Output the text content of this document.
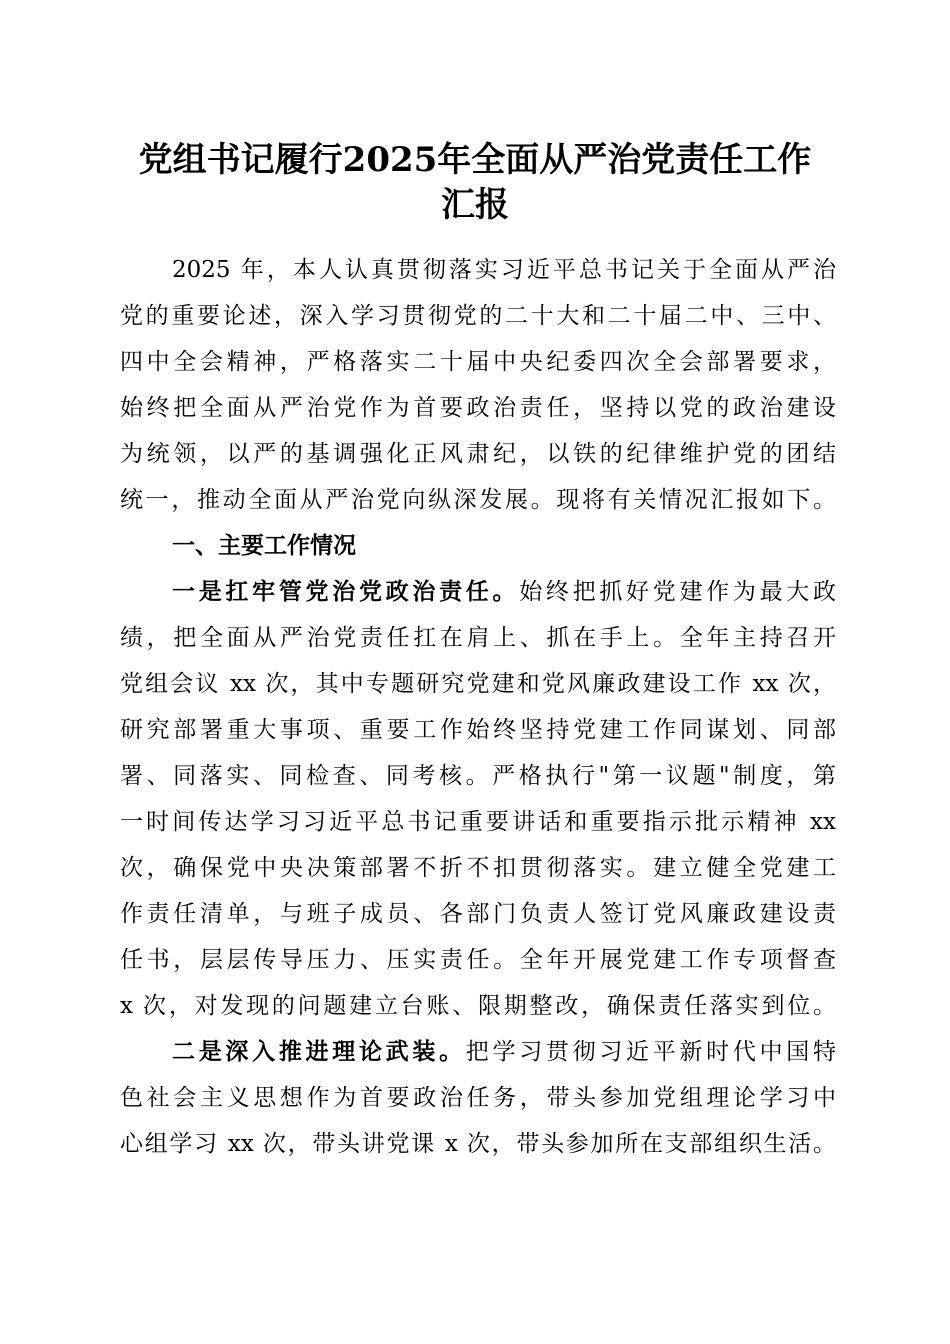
党组书记履行2025年全面从严治党责任工作
汇报
2025 年，本人认真贯彻落实习近平总书记关于全面从严治
党的重要论述，深入学习贯彻党的二十大和二十届二中、三中、
四中全会精神，严格落实二十届中央纪委四次全会部署要求，
始终把全面从严治党作为首要政治责任，坚持以党的政治建设
为统领，以严的基调强化正风肃纪，以铁的纪律维护党的团结
统一，推动全面从严治党向纵深发展。现将有关情况汇报如下。
一、主要工作情况
一是扛牢管党治党政治责任。始终把抓好党建作为最大政
绩，把全面从严治党责任扛在肩上、抓在手上。全年主持召开
党组会议 xx 次，其中专题研究党建和党风廉政建设工作 xx 次，
研究部署重大事项、重要工作始终坚持党建工作同谋划、同部
署、同落实、同检查、同考核。严格执行"第一议题"制度，第
一时间传达学习习近平总书记重要讲话和重要指示批示精神 xx
次，确保党中央决策部署不折不扣贯彻落实。建立健全党建工
作责任清单，与班子成员、各部门负责人签订党风廉政建设责
任书，层层传导压力、压实责任。全年开展党建工作专项督查
x 次，对发现的问题建立台账、限期整改，确保责任落实到位。
二是深入推进理论武装。把学习贯彻习近平新时代中国特
色社会主义思想作为首要政治任务，带头参加党组理论学习中
心组学习 xx 次，带头讲党课 x 次，带头参加所在支部组织生活。
